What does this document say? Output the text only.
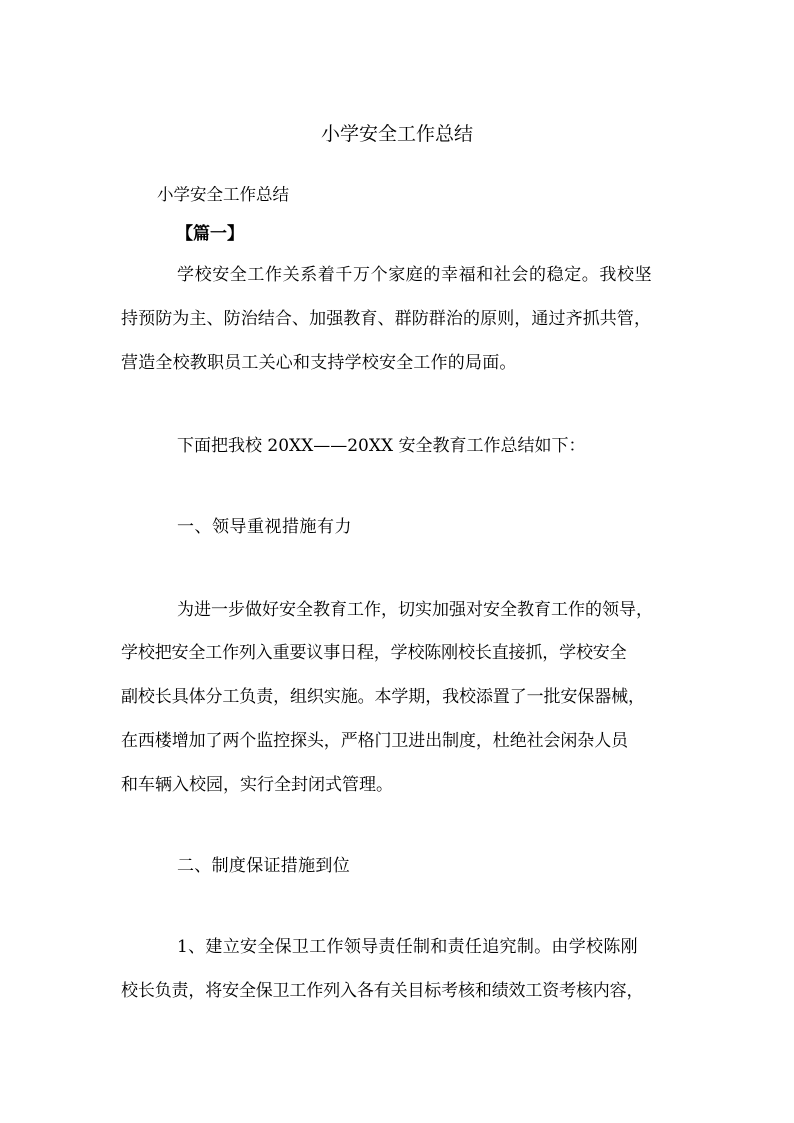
小学安全工作总结
小学安全工作总结
【篇一】
学校安全工作关系着千万个家庭的幸福和社会的稳定。我校坚
持预防为主、防治结合、加强教育、群防群治的原则，通过齐抓共管，
营造全校教职员工关心和支持学校安全工作的局面。
下面把我校 20XX——20XX 安全教育工作总结如下：
一、领导重视措施有力
为进一步做好安全教育工作，切实加强对安全教育工作的领导，
学校把安全工作列入重要议事日程，学校陈刚校长直接抓，学校安全
副校长具体分工负责，组织实施。本学期，我校添置了一批安保器械，
在西楼增加了两个监控探头，严格门卫进出制度，杜绝社会闲杂人员
和车辆入校园，实行全封闭式管理。
二、制度保证措施到位
1、建立安全保卫工作领导责任制和责任追究制。由学校陈刚
校长负责，将安全保卫工作列入各有关目标考核和绩效工资考核内容，
